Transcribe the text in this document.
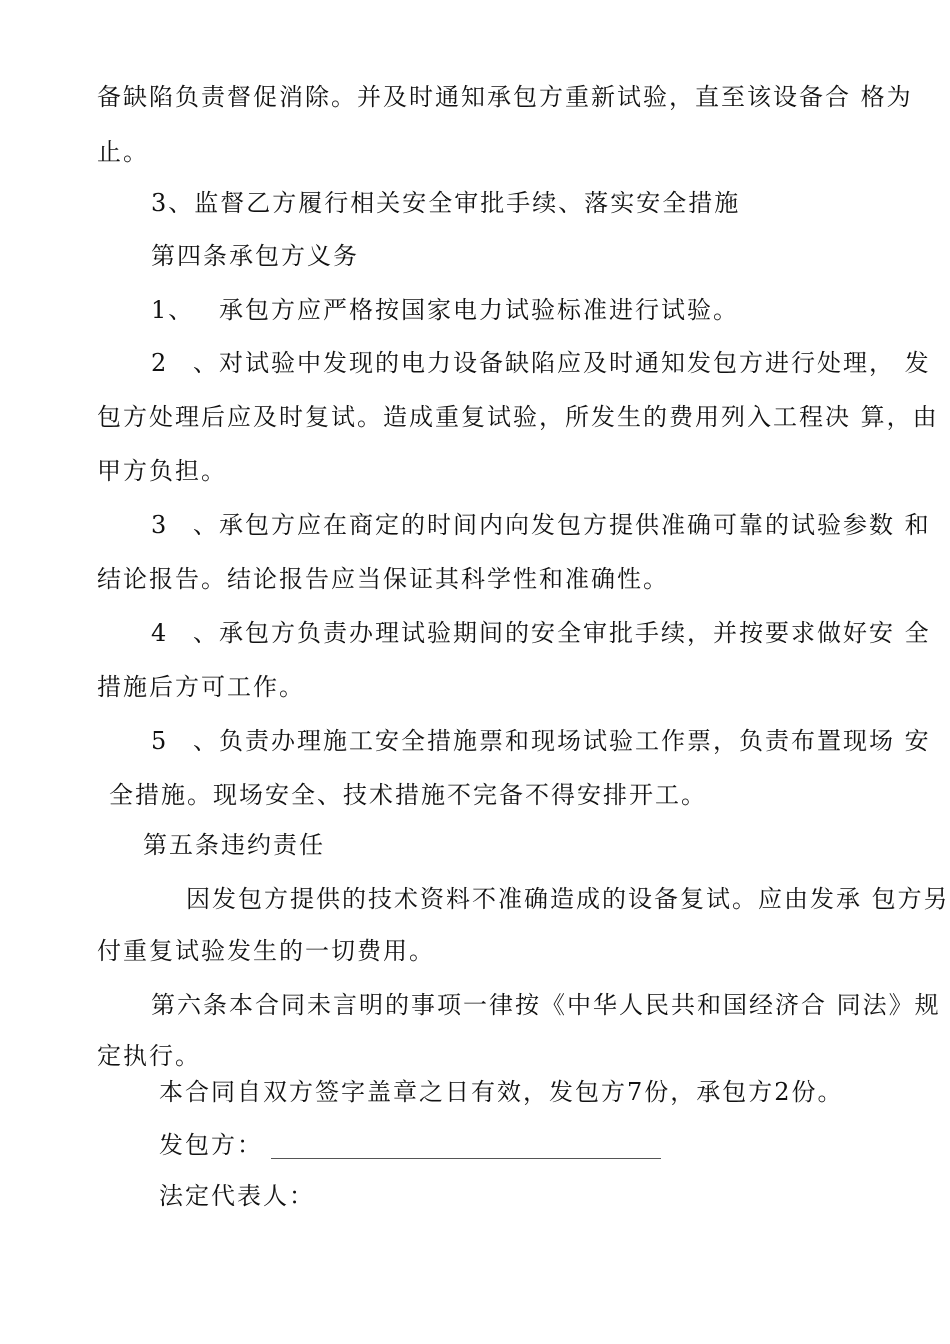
备缺陷负责督促消除。并及时通知承包方重新试验，直至该设备合 格为
止。
3、监督乙方履行相关安全审批手续、落实安全措施
第四条承包方义务
1、 承包方应严格按国家电力试验标准进行试验。
2、对试验中发现的电力设备缺陷应及时通知发包方进行处理， 发
包方处理后应及时复试。造成重复试验，所发生的费用列入工程决 算，由
甲方负担。
3、承包方应在商定的时间内向发包方提供准确可靠的试验参数 和
结论报告。结论报告应当保证其科学性和准确性。
4、承包方负责办理试验期间的安全审批手续，并按要求做好安 全
措施后方可工作。
5、负责办理施工安全措施票和现场试验工作票，负责布置现场 安
全措施。现场安全、技术措施不完备不得安排开工。
第五条违约责任
因发包方提供的技术资料不准确造成的设备复试。应由发承 包方另
付重复试验发生的一切费用。
第六条本合同未言明的事项一律按《中华人民共和国经济合 同法》规
定执行。
本合同自双方签字盖章之日有效，发包方7份，承包方2份。
发包方：
法定代表人：
